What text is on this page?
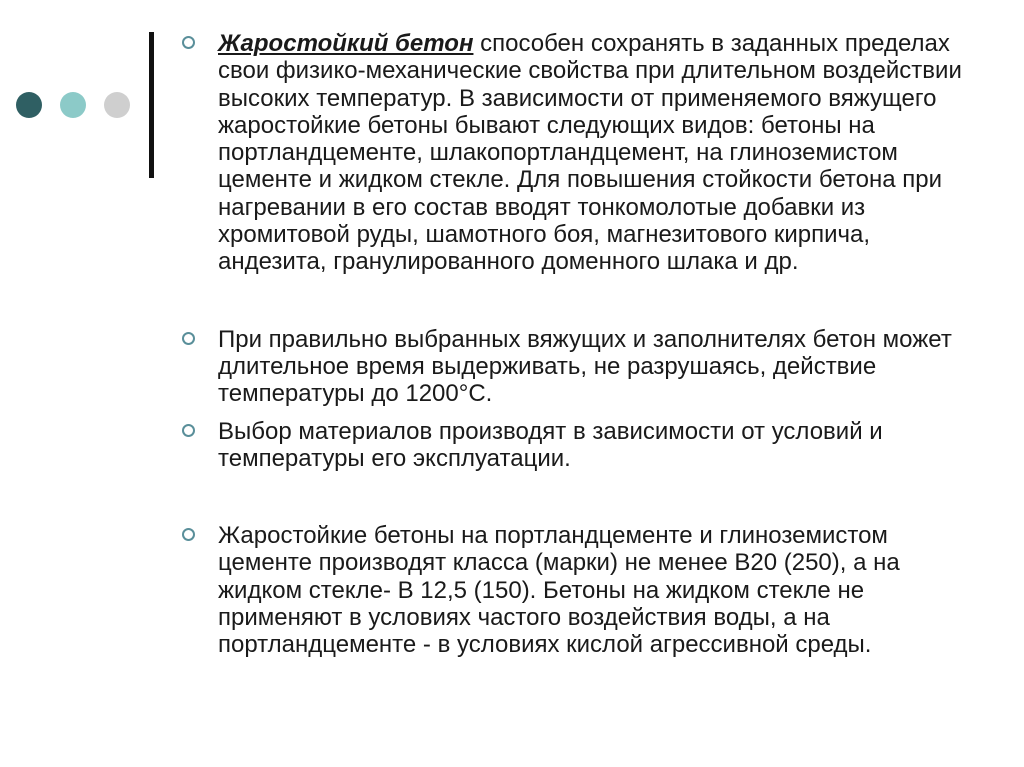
Жаростойкий бетон способен сохранять в заданных пределах свои физико-механические свойства при длительном воздействии высоких температур. В зависимости от применяемого вяжущего жаростойкие бетоны бывают следующих видов: бетоны на портландцементе, шлакопортландцемент, на глиноземистом цементе и жидком стекле. Для повышения стойкости бетона при нагревании в его состав вводят тонкомолотые добавки из хромитовой руды, шамотного боя, магнезитового кирпича, андезита, гранулированного доменного шлака и др.

При правильно выбранных вяжущих и заполнителях бетон может длительное время выдерживать, не разрушаясь, действие температуры до 1200°С.

Выбор материалов производят в зависимости от условий и температуры его эксплуатации.

Жаростойкие бетоны на портландцементе и глиноземистом цементе производят класса (марки) не менее В20 (250), а на жидком стекле- В 12,5 (150). Бетоны на жидком стекле не применяют в условиях частого воздействия воды, а на портландцементе - в условиях кислой агрессивной среды.
